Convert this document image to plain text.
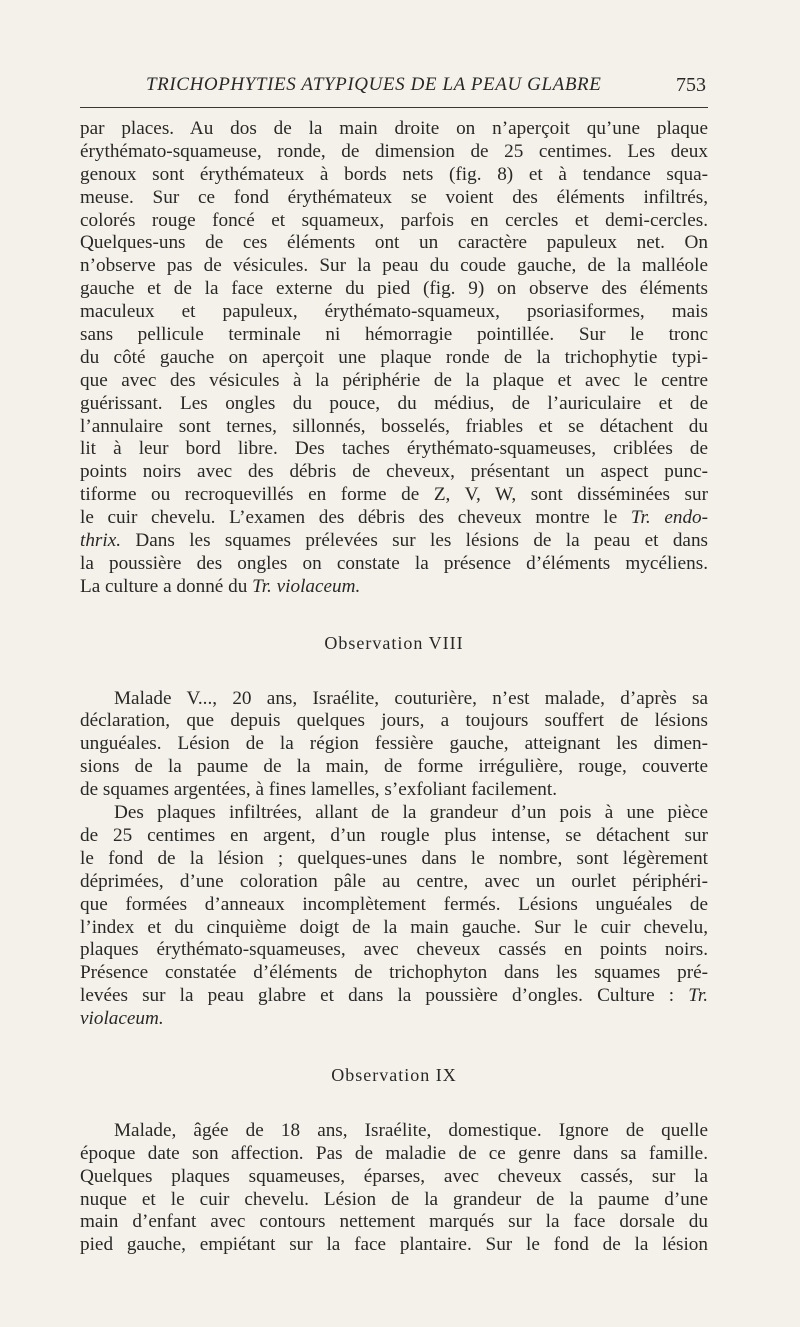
TRICHOPHYTIES ATYPIQUES DE LA PEAU GLABRE	753
par places. Au dos de la main droite on n’aperçoit qu’une plaque
érythémato-squameuse, ronde, de dimension de 25 centimes. Les deux
genoux sont érythémateux à bords nets (fig. 8) et à tendance squa-
meuse. Sur ce fond érythémateux se voient des éléments infiltrés,
colorés rouge foncé et squameux, parfois en cercles et demi-cercles.
Quelques-uns de ces éléments ont un caractère papuleux net. On
n’observe pas de vésicules. Sur la peau du coude gauche, de la malléole
gauche et de la face externe du pied (fig. 9) on observe des éléments
maculeux et papuleux, érythémato-squameux, psoriasiformes, mais
sans pellicule terminale ni hémorragie pointillée. Sur le tronc
du côté gauche on aperçoit une plaque ronde de la trichophytie typi-
que avec des vésicules à la périphérie de la plaque et avec le centre
guérissant. Les ongles du pouce, du médius, de l’auriculaire et de
l’annulaire sont ternes, sillonnés, bosselés, friables et se détachent du
lit à leur bord libre. Des taches érythémato-squameuses, criblées de
points noirs avec des débris de cheveux, présentant un aspect punc-
tiforme ou recroquevillés en forme de Z, V, W, sont disséminées sur
le cuir chevelu. L’examen des débris des cheveux montre le Tr. endo-
thrix. Dans les squames prélevées sur les lésions de la peau et dans
la poussière des ongles on constate la présence d’éléments mycéliens.
La culture a donné du Tr. violaceum.
Observation VIII
Malade V..., 20 ans, Israélite, couturière, n’est malade, d’après sa
déclaration, que depuis quelques jours, a toujours souffert de lésions
unguéales. Lésion de la région fessière gauche, atteignant les dimen-
sions de la paume de la main, de forme irrégulière, rouge, couverte
de squames argentées, à fines lamelles, s’exfoliant facilement.
Des plaques infiltrées, allant de la grandeur d’un pois à une pièce
de 25 centimes en argent, d’un rougle plus intense, se détachent sur
le fond de la lésion ; quelques-unes dans le nombre, sont légèrement
déprimées, d’une coloration pâle au centre, avec un ourlet périphéri-
que formées d’anneaux incomplètement fermés. Lésions unguéales de
l’index et du cinquième doigt de la main gauche. Sur le cuir chevelu,
plaques érythémato-squameuses, avec cheveux cassés en points noirs.
Présence constatée d’éléments de trichophyton dans les squames pré-
levées sur la peau glabre et dans la poussière d’ongles. Culture : Tr.
violaceum.
Observation IX
Malade, âgée de 18 ans, Israélite, domestique. Ignore de quelle
époque date son affection. Pas de maladie de ce genre dans sa famille.
Quelques plaques squameuses, éparses, avec cheveux cassés, sur la
nuque et le cuir chevelu. Lésion de la grandeur de la paume d’une
main d’enfant avec contours nettement marqués sur la face dorsale du
pied gauche, empiétant sur la face plantaire. Sur le fond de la lésion
